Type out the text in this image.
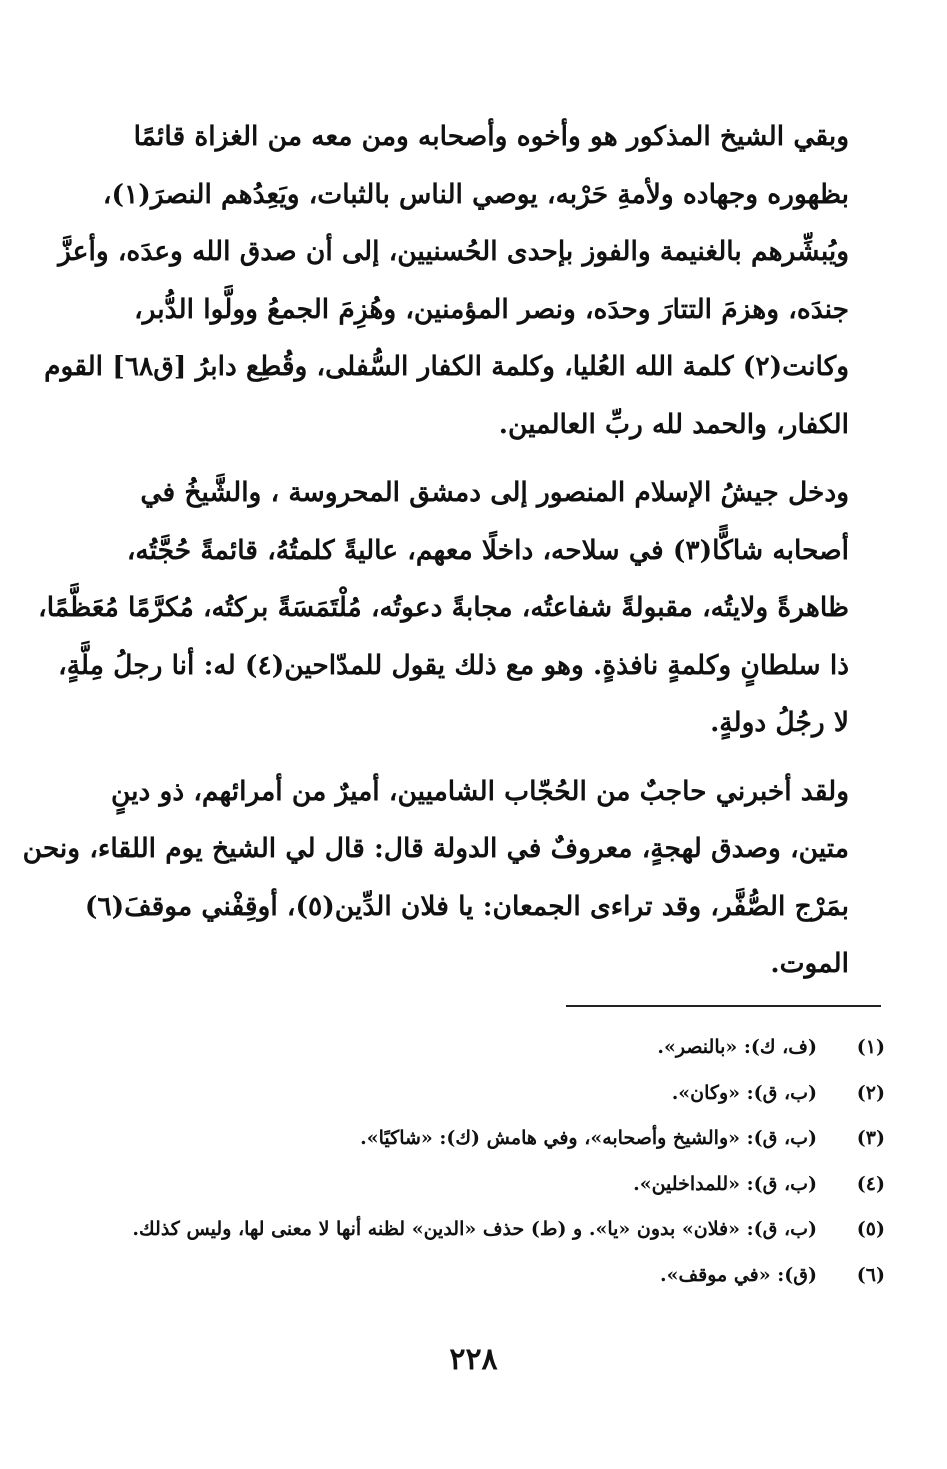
وبقي الشيخ المذكور هو وأخوه وأصحابه ومن معه من الغزاة قائمًا
بظهوره وجهاده ولأمةِ حَرْبه، يوصي الناس بالثبات، ويَعِدُهم النصرَ(١)،
ويُبشِّرهم بالغنيمة والفوز بإحدى الحُسنيين، إلى أن صدق الله وعدَه، وأعزَّ
جندَه، وهزمَ التتارَ وحدَه، ونصر المؤمنين، وهُزِمَ الجمعُ وولَّوا الدُّبر،
وكانت(٢) كلمة الله العُليا، وكلمة الكفار السُّفلى، وقُطِع دابرُ [ق٦٨] القوم
الكفار، والحمد لله ربِّ العالمين.

ودخل جيشُ الإسلام المنصور إلى دمشق المحروسة ، والشَّيخُ في
أصحابه شاكًّا(٣) في سلاحه، داخلًا معهم، عاليةً كلمتُهُ، قائمةً حُجَّتُه،
ظاهرةً ولايتُه، مقبولةً شفاعتُه، مجابةً دعوتُه، مُلْتَمَسَةً بركتُه، مُكرَّمًا مُعَظَّمًا،
ذا سلطانٍ وكلمةٍ نافذةٍ. وهو مع ذلك يقول للمدّاحين(٤) له: أنا رجلُ مِلَّةٍ،
لا رجُلُ دولةٍ.

ولقد أخبرني حاجبٌ من الحُجّاب الشاميين، أميرٌ من أمرائهم، ذو دينٍ
متين، وصدق لهجةٍ، معروفٌ في الدولة قال: قال لي الشيخ يوم اللقاء، ونحن
بمَرْج الصُّفَّر، وقد تراءى الجمعان: يا فلان الدِّين(٥)، أوقِفْني موقفَ(٦)
الموت.

(١)(ف، ك): «بالنصر».
(٢)(ب، ق): «وكان».
(٣)(ب، ق): «والشيخ وأصحابه»، وفي هامش (ك): «شاكيًا».
(٤)(ب، ق): «للمداخلين».
(٥)(ب، ق): «فلان» بدون «يا». و (ط) حذف «الدين» لظنه أنها لا معنى لها، وليس كذلك.
(٦)(ق): «في موقف».
٢٢٨
